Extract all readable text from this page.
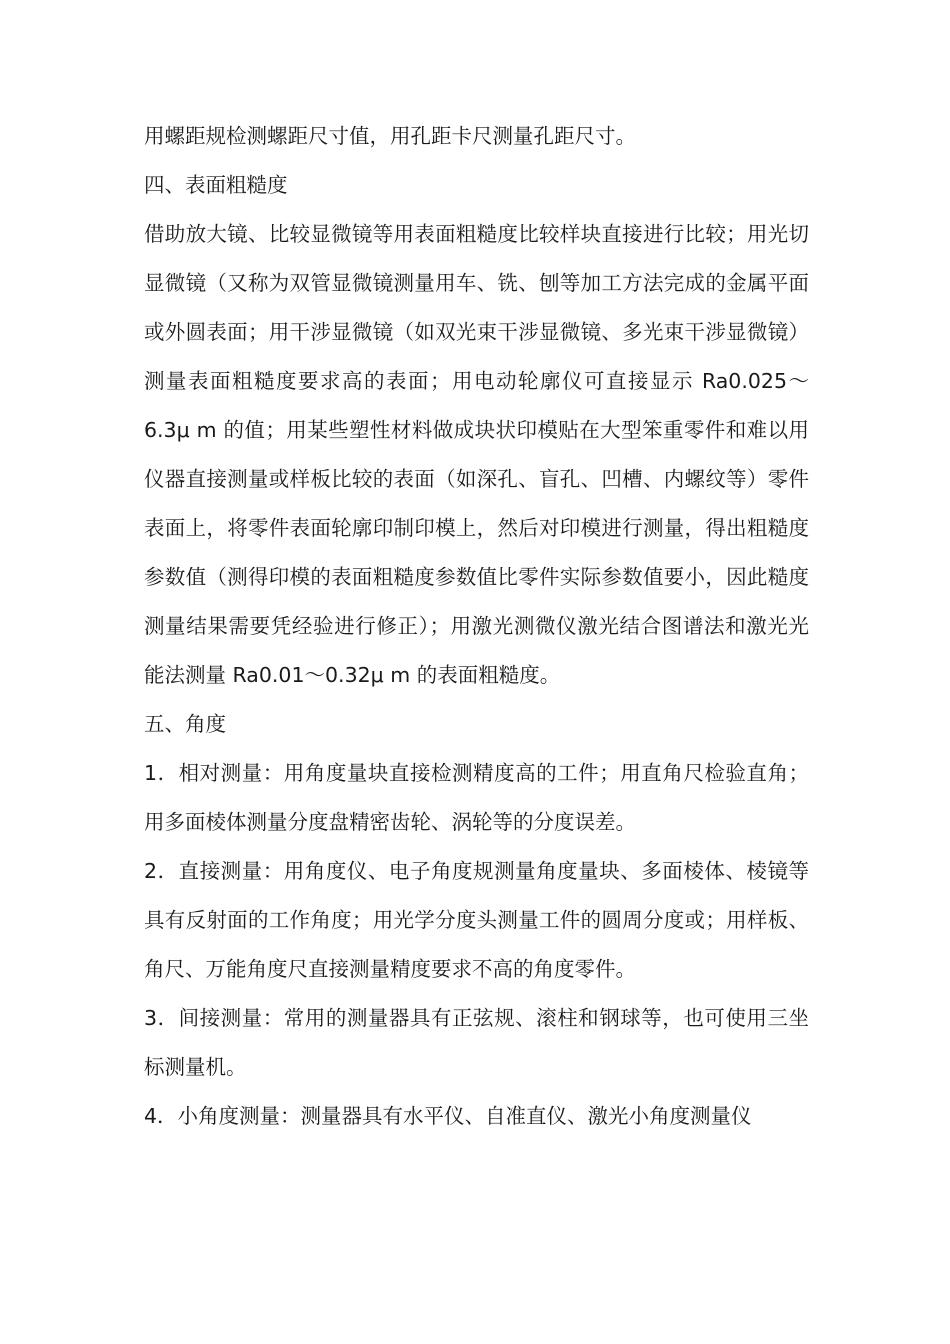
用螺距规检测螺距尺寸值，用孔距卡尺测量孔距尺寸。

四、表面粗糙度

借助放大镜、比较显微镜等用表面粗糙度比较样块直接进行比较；用光切显微镜（又称为双管显微镜测量用车、铣、刨等加工方法完成的金属平面或外圆表面；用干涉显微镜（如双光束干涉显微镜、多光束干涉显微镜）测量表面粗糙度要求高的表面；用电动轮廓仪可直接显示 Ra0.025～6.3μ m 的值；用某些塑性材料做成块状印模贴在大型笨重零件和难以用仪器直接测量或样板比较的表面（如深孔、盲孔、凹槽、内螺纹等）零件表面上，将零件表面轮廓印制印模上，然后对印模进行测量，得出粗糙度参数值（测得印模的表面粗糙度参数值比零件实际参数值要小，因此糙度测量结果需要凭经验进行修正）；用激光测微仪激光结合图谱法和激光光能法测量 Ra0.01～0.32μ m 的表面粗糙度。

五、角度

1．相对测量：用角度量块直接检测精度高的工件；用直角尺检验直角；用多面棱体测量分度盘精密齿轮、涡轮等的分度误差。

2．直接测量：用角度仪、电子角度规测量角度量块、多面棱体、棱镜等具有反射面的工作角度；用光学分度头测量工件的圆周分度或；用样板、角尺、万能角度尺直接测量精度要求不高的角度零件。

3．间接测量：常用的测量器具有正弦规、滚柱和钢球等，也可使用三坐标测量机。

4．小角度测量：测量器具有水平仪、自准直仪、激光小角度测量仪
